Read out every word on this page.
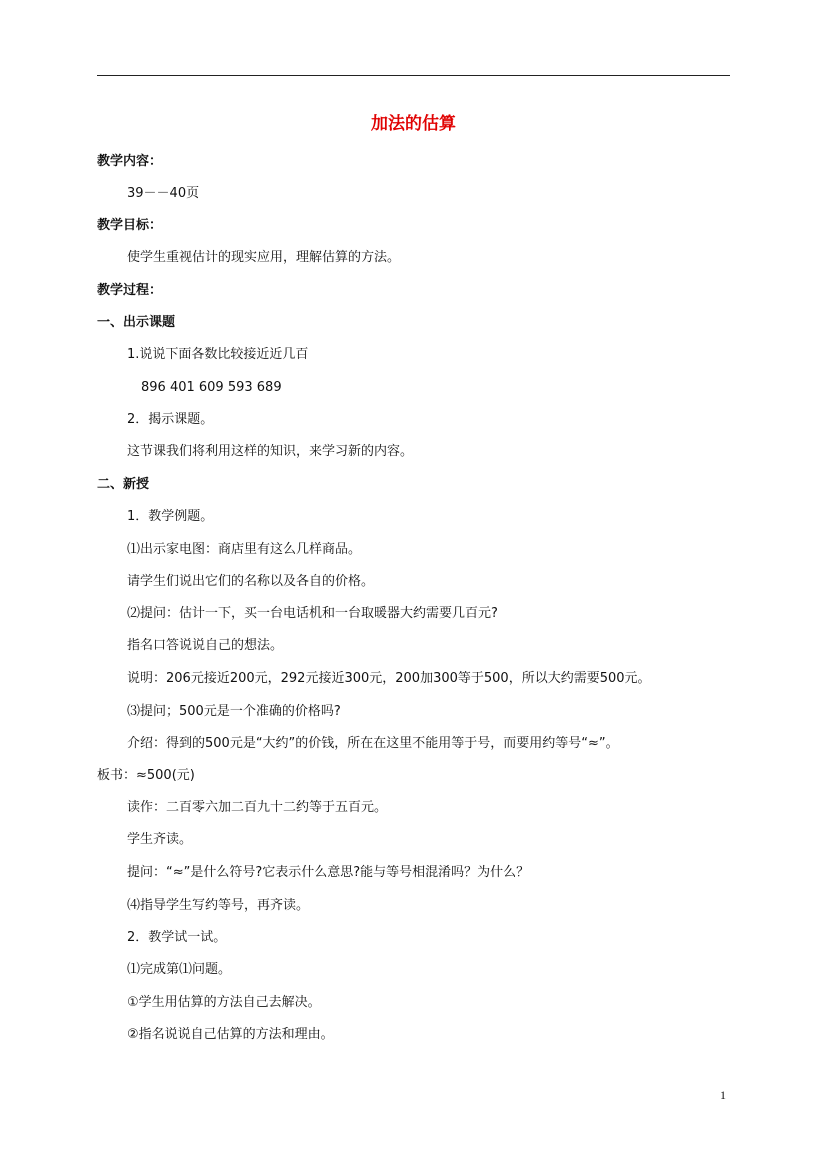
加法的估算
教学内容：
39－－40页
教学目标：
使学生重视估计的现实应用，理解估算的方法。
教学过程：
一、出示课题
1.说说下面各数比较接近近几百
896 401 609 593 689
2．揭示课题。
这节课我们将利用这样的知识，来学习新的内容。
二、新授
1．教学例题。
⑴出示家电图：商店里有这么几样商品。
请学生们说出它们的名称以及各自的价格。
⑵提问：估计一下，买一台电话机和一台取暖器大约需要几百元?
指名口答说说自己的想法。
说明：206元接近200元，292元接近300元，200加300等于500，所以大约需要500元。
⑶提问；500元是一个准确的价格吗?
介绍：得到的500元是“大约”的价钱，所在在这里不能用等于号，而要用约等号“≈”。
板书：≈500(元)
读作：二百零六加二百九十二约等于五百元。
学生齐读。
提问：“≈”是什么符号?它表示什么意思?能与等号相混淆吗？为什么？
⑷指导学生写约等号，再齐读。
2．教学试一试。
⑴完成第⑴问题。
①学生用估算的方法自己去解决。
②指名说说自己估算的方法和理由。
1
